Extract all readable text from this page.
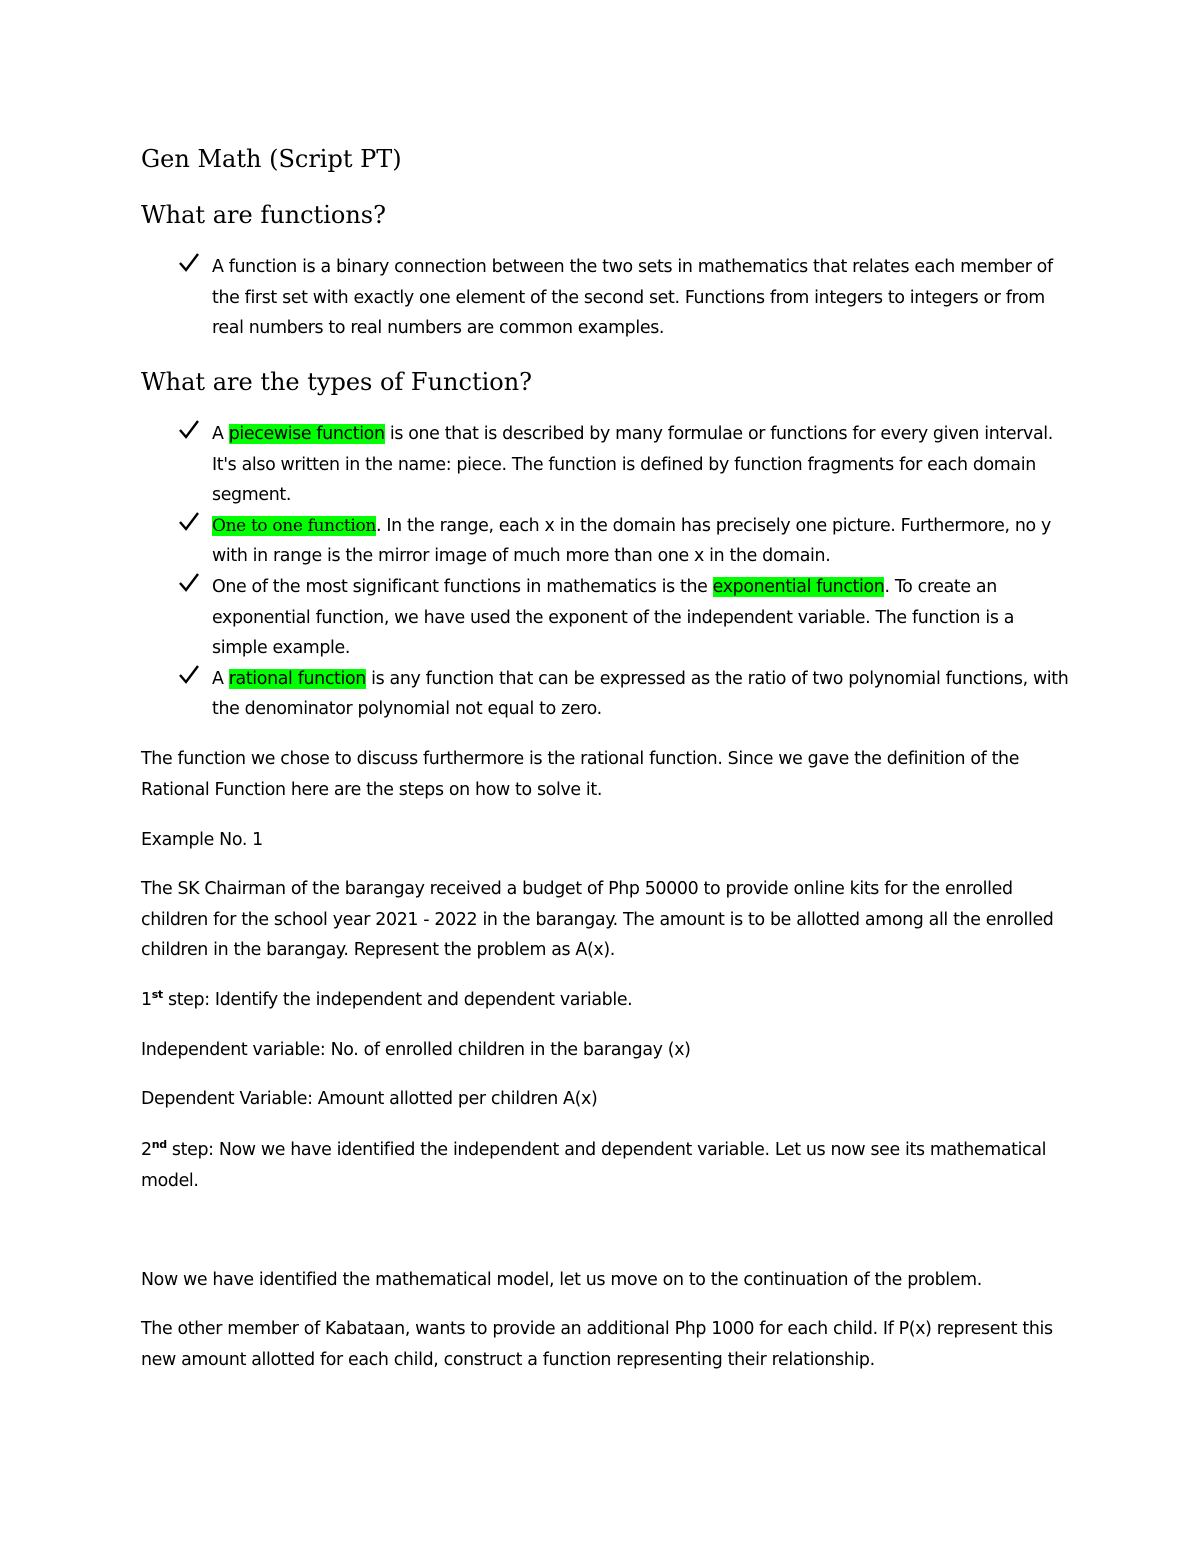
Gen Math (Script PT)
What are functions?
A function is a binary connection between the two sets in mathematics that relates each member of the first set with exactly one element of the second set. Functions from integers to integers or from real numbers to real numbers are common examples.
What are the types of Function?
A piecewise function is one that is described by many formulae or functions for every given interval. It's also written in the name: piece. The function is defined by function fragments for each domain segment.
One to one function. In the range, each x in the domain has precisely one picture. Furthermore, no y with in range is the mirror image of much more than one x in the domain.
One of the most significant functions in mathematics is the exponential function. To create an exponential function, we have used the exponent of the independent variable. The function is a simple example.
A rational function is any function that can be expressed as the ratio of two polynomial functions, with the denominator polynomial not equal to zero.

The function we chose to discuss furthermore is the rational function. Since we gave the definition of the Rational Function here are the steps on how to solve it.

Example No. 1

The SK Chairman of the barangay received a budget of Php 50000 to provide online kits for the enrolled children for the school year 2021 - 2022 in the barangay. The amount is to be allotted among all the enrolled children in the barangay. Represent the problem as A(x).

1st step: Identify the independent and dependent variable.

Independent variable: No. of enrolled children in the barangay (x)

Dependent Variable: Amount allotted per children A(x)

2nd step: Now we have identified the independent and dependent variable. Let us now see its mathematical model.

Now we have identified the mathematical model, let us move on to the continuation of the problem.

The other member of Kabataan, wants to provide an additional Php 1000 for each child. If P(x) represent this new amount allotted for each child, construct a function representing their relationship.
